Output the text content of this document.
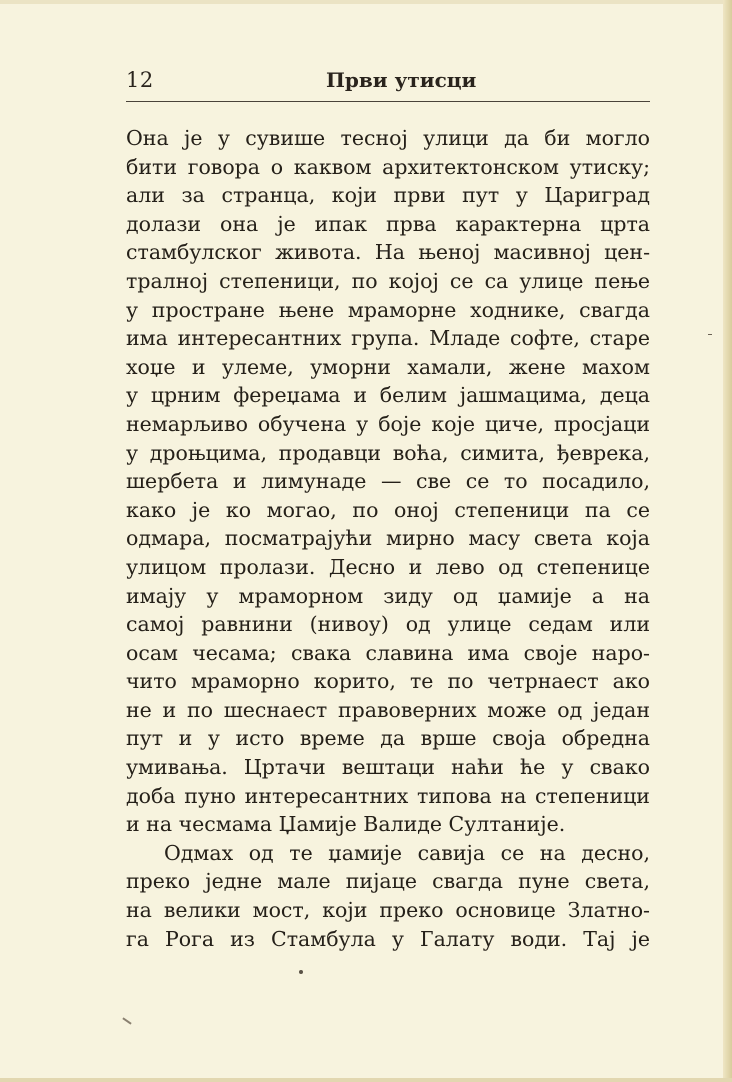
12	Први утисци
Она је у сувише тесној улици да би могло
бити говора о каквом архитектонском утиску;
али за странца, који први пут у Цариград
долази она је ипак прва карактерна црта
стамбулског живота. На њеној масивној цен-
тралној степеници, по којој се са улице пење
у простране њене мраморне ходнике, свагда
има интересантних група. Младе софте, старе
хоџе и улеме, уморни хамали, жене махом
у црним фереџама и белим јашмацима, деца
немарљиво обучена у боје које циче, просјаци
у дроњцима, продавци воћа, симита, ђеврека,
шербета и лимунаде — све се то посадило,
како је ко могао, по оној степеници па се
одмара, посматрајући мирно масу света која
улицом пролази. Десно и лево од степенице
имају у мраморном зиду од џамије а на
самој равнини (нивоу) од улице седам или
осам чесама; свака славина има своје наро-
чито мраморно корито, те по четрнаест ако
не и по шеснаест правоверних може од један
пут и у исто време да врше своја обредна
умивања. Цртачи вештаци наћи ће у свако
доба пуно интересантних типова на степеници
и на чесмама Џамије Валиде Султаније.
Одмах од те џамије савија се на десно,
преко једне мале пијаце свагда пуне света,
на велики мост, који преко основице Златно-
га Рога из Стамбула у Галату води. Тај је
